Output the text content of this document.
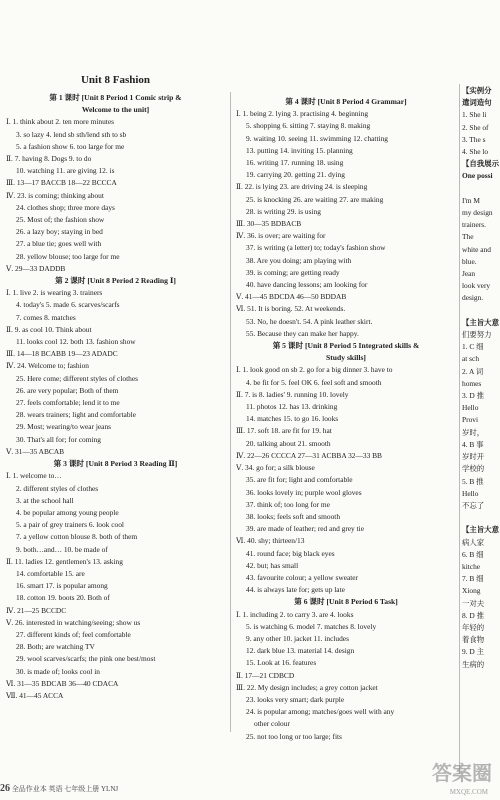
Unit 8 Fashion
第 1 课时 [Unit 8 Period 1 Comic strip &
Welcome to the unit]
Ⅰ. 1. think about 2. ten more minutes
3. so lazy 4. lend sb sth/lend sth to sb
5. a fashion show 6. too large for me
Ⅱ. 7. having 8. Dogs 9. to do
10. watching 11. are giving 12. is
Ⅲ. 13—17 BACCB 18—22 BCCCA
Ⅳ. 23. is coming; thinking about
24. clothes shop; three more days
25. Most of; the fashion show
26. a lazy boy; staying in bed
27. a blue tie; goes well with
28. yellow blouse; too large for me
Ⅴ. 29—33 DADDB
第 2 课时 [Unit 8 Period 2 Reading Ⅰ]
Ⅰ. 1. live 2. is wearing 3. trainers
4. today's 5. made 6. scarves/scarfs
7. comes 8. matches
Ⅱ. 9. as cool 10. Think about
11. looks cool 12. both 13. fashion show
Ⅲ. 14—18 BCABB 19—23 ADADC
Ⅳ. 24. Welcome to; fashion
25. Here come; different styles of clothes
26. are very popular; Both of them
27. feels comfortable; lend it to me
28. wears trainers; light and comfortable
29. Most; wearing/to wear jeans
30. That's all for; for coming
Ⅴ. 31—35 ABCAB
第 3 课时 [Unit 8 Period 3 Reading Ⅱ]
Ⅰ. 1. welcome to…
2. different styles of clothes
3. at the school hall
4. be popular among young people
5. a pair of grey trainers 6. look cool
7. a yellow cotton blouse 8. both of them
9. both…and… 10. be made of
Ⅱ. 11. ladies 12. gentlemen's 13. asking
14. comfortable 15. are
16. smart 17. is popular among
18. cotton 19. boots 20. Both of
Ⅳ. 21—25 BCCDC
Ⅴ. 26. interested in watching/seeing; show us
27. different kinds of; feel comfortable
28. Both; are watching TV
29. wool scarves/scarfs; the pink one best/most
30. is made of; looks cool in
Ⅵ. 31—35 BDCAB 36—40 CDACA
Ⅶ. 41—45 ACCA
第 4 课时 [Unit 8 Period 4 Grammar]
Ⅰ. 1. being 2. lying 3. practising 4. beginning
5. shopping 6. sitting 7. staying 8. making
9. waiting 10. seeing 11. swimming 12. chatting
13. putting 14. inviting 15. planning
16. writing 17. running 18. using
19. carrying 20. getting 21. dying
Ⅱ. 22. is lying 23. are driving 24. is sleeping
25. is knocking 26. are waiting 27. are making
28. is writing 29. is using
Ⅲ. 30—35 BDBACB
Ⅳ. 36. is over; are waiting for
37. is writing (a letter) to; today's fashion show
38. Are you doing; am playing with
39. is coming; are getting ready
40. have dancing lessons; am looking for
Ⅴ. 41—45 BDCDA 46—50 BDDAB
Ⅵ. 51. It is boring. 52. At weekends.
53. No, he doesn't. 54. A pink leather skirt.
55. Because they can make her happy.
第 5 课时 [Unit 8 Period 5 Integrated skills &
Study skills]
Ⅰ. 1. look good on sb 2. go for a big dinner 3. have to
4. be fit for 5. feel OK 6. feel soft and smooth
Ⅱ. 7. is 8. ladies' 9. running 10. lovely
11. photos 12. has 13. drinking
14. matches 15. to go 16. looks
Ⅲ. 17. soft 18. are fit for 19. hat
20. talking about 21. smooth
Ⅳ. 22—26 CCCCA 27—31 ACBBA 32—33 BB
Ⅴ. 34. go for; a silk blouse
35. are fit for; light and comfortable
36. looks lovely in; purple wool gloves
37. think of; too long for me
38. looks; feels soft and smooth
39. are made of leather; red and grey tie
Ⅵ. 40. shy; thirteen/13
41. round face; big black eyes
42. but; has small
43. favourite colour; a yellow sweater
44. is always late for; gets up late
第 6 课时 [Unit 8 Period 6 Task]
Ⅰ. 1. including 2. to carry 3. are 4. looks
5. is watching 6. model 7. matches 8. lovely
9. any other 10. jacket 11. includes
12. dark blue 13. material 14. design
15. Look at 16. features
Ⅱ. 17—21 CDBCD
Ⅲ. 22. My design includes; a grey cotton jacket
23. looks very smart; dark purple
24. is popular among; matches/goes well with any
other colour
25. not too long or too large; fits
【实例分
遣词造句
1. She li
2. She of
3. The s
4. She lo
【自我展示
One possi

I'm M
my design
trainers.
The
white and
blue.
Jean
look very
design.

【主旨大意
们要努力
1. C 细
at sch
2. A 词
homes
3. D 推
Hello
Provi
岁时，
4. B 事
岁时开
学校的
5. B 推
Hello
不忘了

【主旨大意
病人家
6. B 细
kitche
7. B 细
Xiong
一对夫
8. D 推
年轻的
着食物
9. D 主
生病的
26 全品作业本 英语 七年级上册 YLNJ
答案圈
MXQE.COM
